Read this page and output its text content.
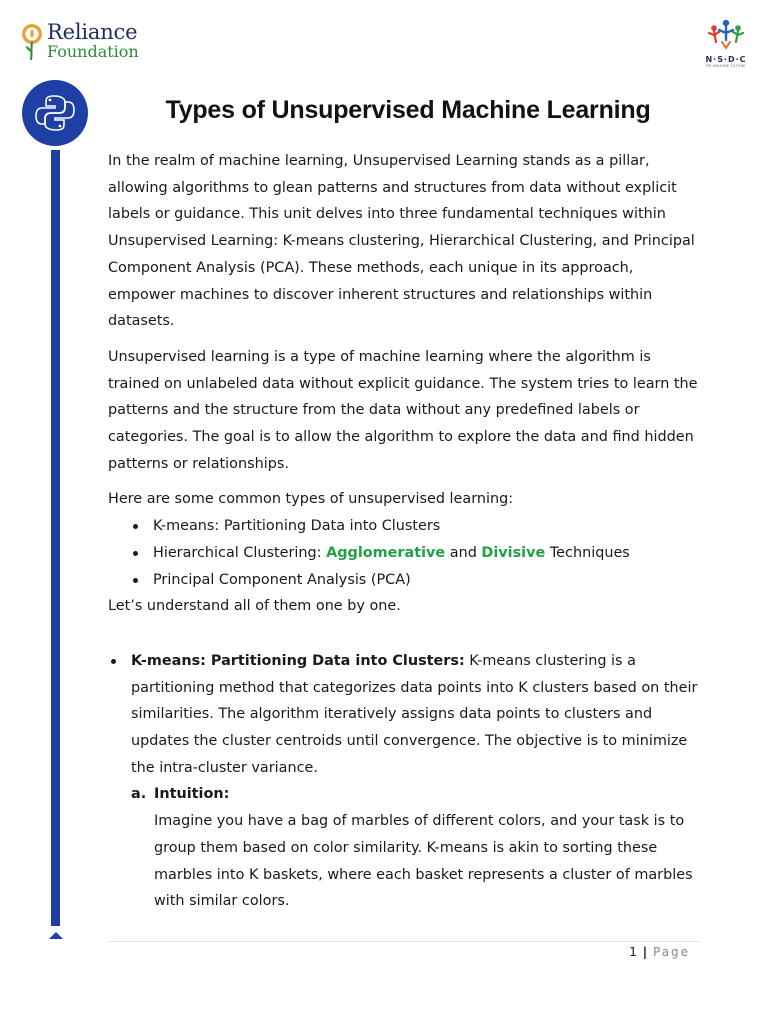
Reliance
Foundation	N·S·D·C
RE-IMAGINE FUTURE
Types of Unsupervised Machine Learning

In the realm of machine learning, Unsupervised Learning stands as a pillar, allowing algorithms to glean patterns and structures from data without explicit labels or guidance. This unit delves into three fundamental techniques within Unsupervised Learning: K-means clustering, Hierarchical Clustering, and Principal Component Analysis (PCA). These methods, each unique in its approach, empower machines to discover inherent structures and relationships within datasets.

Unsupervised learning is a type of machine learning where the algorithm is trained on unlabeled data without explicit guidance. The system tries to learn the patterns and the structure from the data without any predefined labels or categories. The goal is to allow the algorithm to explore the data and find hidden patterns or relationships.

Here are some common types of unsupervised learning:

K-means: Partitioning Data into Clusters
Hierarchical Clustering: Agglomerative and Divisive Techniques
Principal Component Analysis (PCA)

Let’s understand all of them one by one.

K-means: Partitioning Data into Clusters: K-means clustering is a partitioning method that categorizes data points into K clusters based on their similarities. The algorithm iteratively assigns data points to clusters and updates the cluster centroids until convergence. The objective is to minimize the intra-cluster variance.

a. Intuition:
Imagine you have a bag of marbles of different colors, and your task is to group them based on color similarity. K-means is akin to sorting these marbles into K baskets, where each basket represents a cluster of marbles with similar colors.
1 | Page
